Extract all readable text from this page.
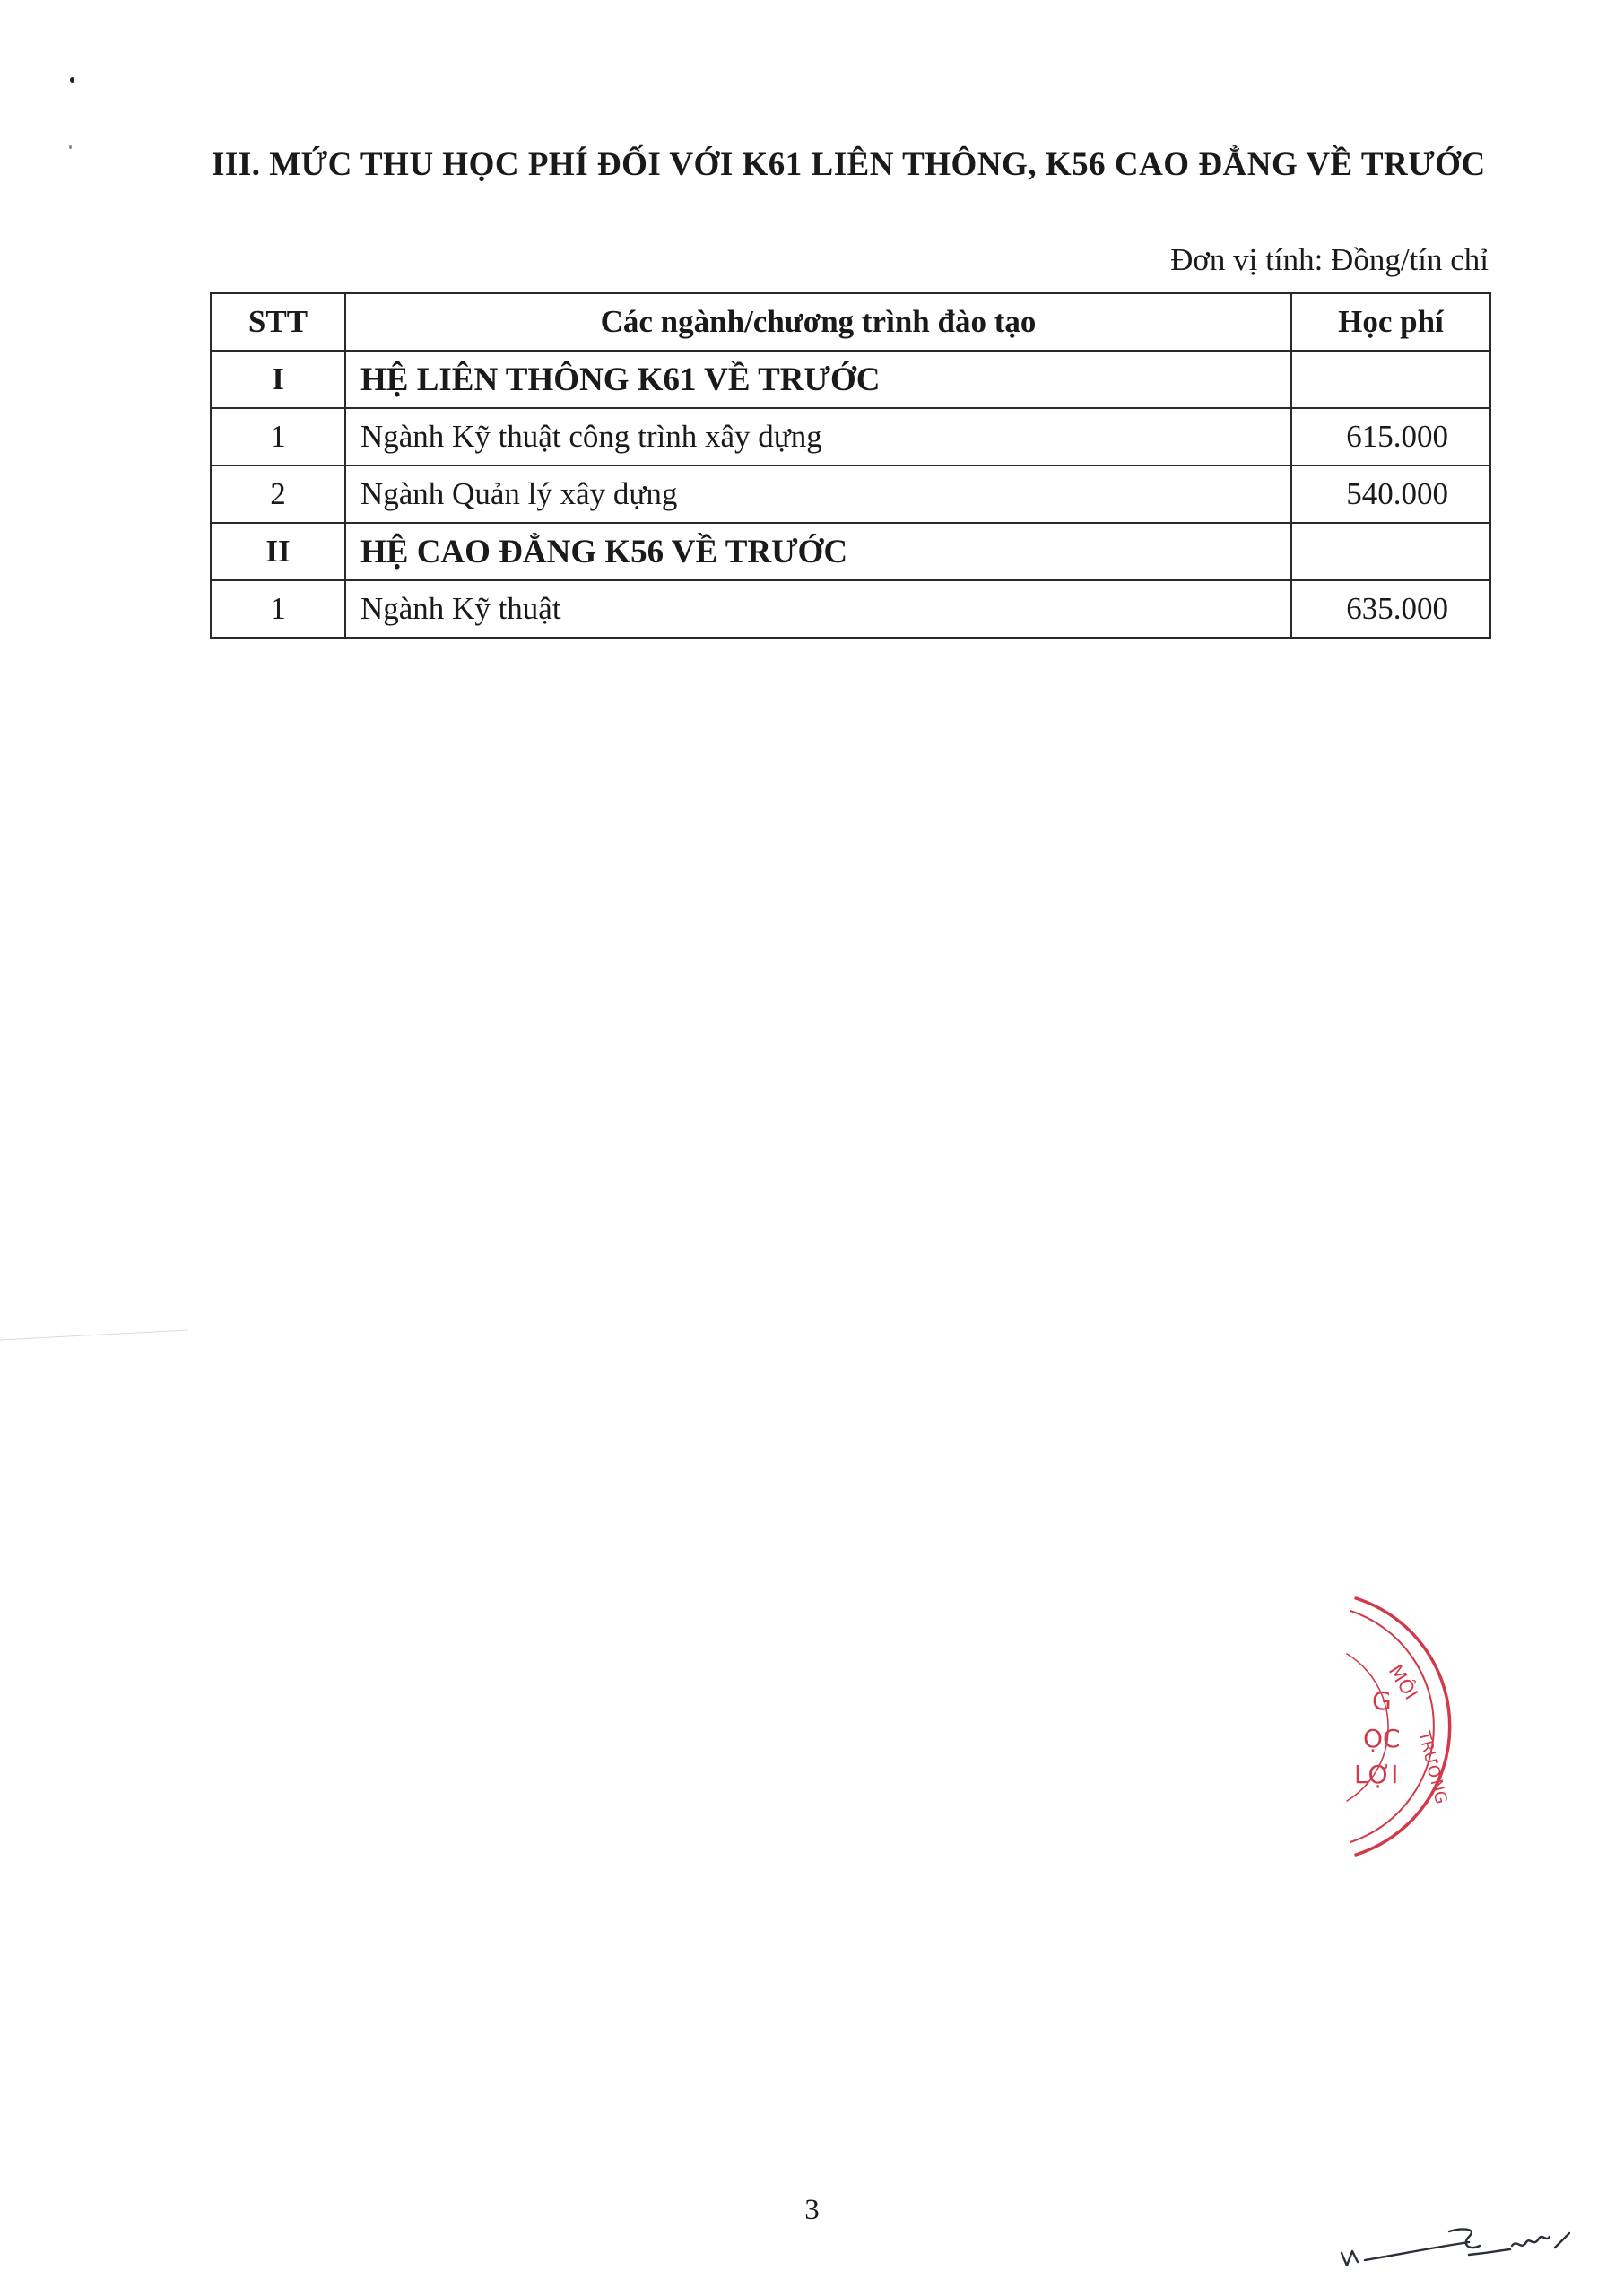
III. MỨC THU HỌC PHÍ ĐỐI VỚI K61 LIÊN THÔNG, K56 CAO ĐẲNG VỀ TRƯỚC
Đơn vị tính: Đồng/tín chỉ
STT	Các ngành/chương trình đào tạo	Học phí
I	HỆ LIÊN THÔNG K61 VỀ TRƯỚC	
1	Ngành Kỹ thuật công trình xây dựng	615.000
2	Ngành Quản lý xây dựng	540.000
II	HỆ CAO ĐẲNG K56 VỀ TRƯỚC	
1	Ngành Kỹ thuật	635.000
MÔI
G
ỌC
LỢI TRƯỜNG
3
